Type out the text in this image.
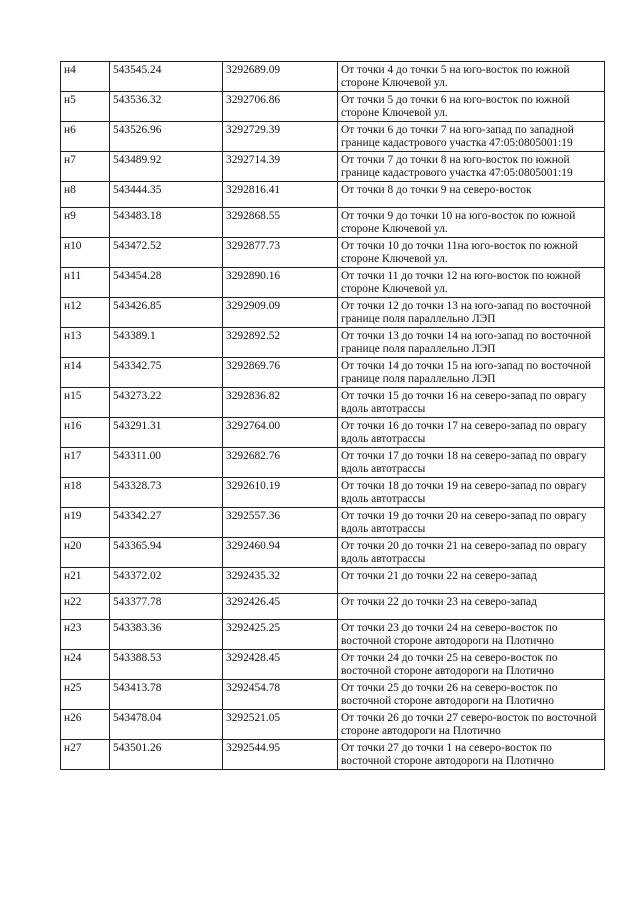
н4	543545.24	3292689.09	От точки 4 до точки 5 на юго-восток по южной стороне Ключевой ул.
н5	543536.32	3292706.86	От точки 5 до точки 6 на юго-восток по южной стороне Ключевой ул.
н6	543526.96	3292729.39	От точки 6 до точки 7 на юго-запад по западной границе кадастрового участка 47:05:0805001:19
н7	543489.92	3292714.39	От точки 7 до точки 8 на юго-восток по южной границе кадастрового участка 47:05:0805001:19
н8	543444.35	3292816.41	От точки 8 до точки 9 на северо-восток
н9	543483.18	3292868.55	От точки 9 до точки 10 на юго-восток по южной стороне Ключевой ул.
н10	543472.52	3292877.73	От точки 10 до точки 11на юго-восток по южной стороне Ключевой ул.
н11	543454.28	3292890.16	От точки 11 до точки 12 на юго-восток по южной стороне Ключевой ул.
н12	543426.85	3292909.09	От точки 12 до точки 13 на юго-запад по восточной границе поля параллельно ЛЭП
н13	543389.1	3292892.52	От точки 13 до точки 14 на юго-запад по восточной границе поля параллельно ЛЭП
н14	543342.75	3292869.76	От точки 14 до точки 15 на юго-запад по восточной границе поля параллельно ЛЭП
н15	543273.22	3292836.82	От точки 15 до точки 16 на северо-запад по оврагу вдоль автотрассы
н16	543291.31	3292764.00	От точки 16 до точки 17 на северо-запад по оврагу вдоль автотрассы
н17	543311.00	3292682.76	От точки 17 до точки 18 на северо-запад по оврагу вдоль автотрассы
н18	543328.73	3292610.19	От точки 18 до точки 19 на северо-запад по оврагу вдоль автотрассы
н19	543342.27	3292557.36	От точки 19 до точки 20 на северо-запад по оврагу вдоль автотрассы
н20	543365.94	3292460.94	От точки 20 до точки 21 на северо-запад по оврагу вдоль автотрассы
н21	543372.02	3292435.32	От точки 21 до точки 22 на северо-запад
н22	543377.78	3292426.45	От точки 22 до точки 23 на северо-запад
н23	543383.36	3292425.25	От точки 23 до точки 24 на северо-восток по восточной стороне автодороги на Плотично
н24	543388.53	3292428.45	От точки 24 до точки 25 на северо-восток по восточной стороне автодороги на Плотично
н25	543413.78	3292454.78	От точки 25 до точки 26 на северо-восток по восточной стороне автодороги на Плотично
н26	543478.04	3292521.05	От точки 26 до точки 27 северо-восток по восточной стороне автодороги на Плотично
н27	543501.26	3292544.95	От точки 27 до точки 1 на северо-восток по восточной стороне автодороги на Плотично
